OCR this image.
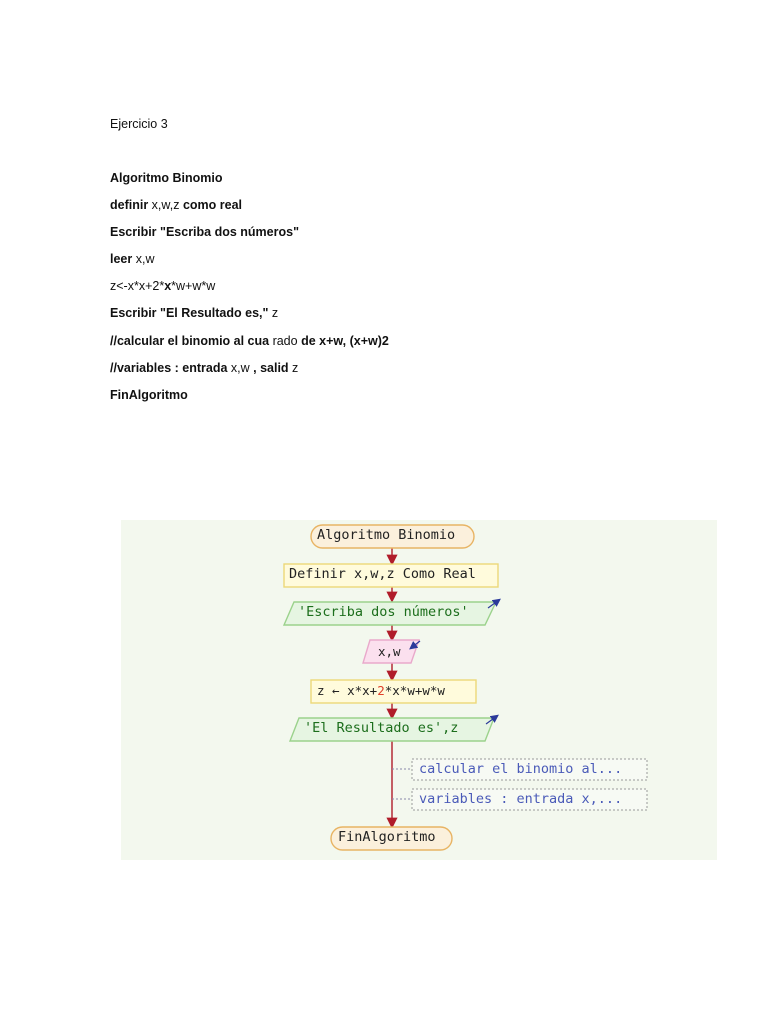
Ejercicio 3
Algoritmo Binomio
definir x,w,z como real
Escribir "Escriba dos números"
leer x,w
z<-x*x+2*x*w+w*w
Escribir "El Resultado es," z
//calcular el binomio al cua rado de x+w, (x+w)2
//variables : entrada x,w , salid z
FinAlgoritmo
Algoritmo Binomio
Definir x,w,z Como Real
'Escriba dos números'
x,w
z ← x*x+2*x*w+w*w
'El Resultado es',z
calcular el binomio al...
variables : entrada x,...
FinAlgoritmo
